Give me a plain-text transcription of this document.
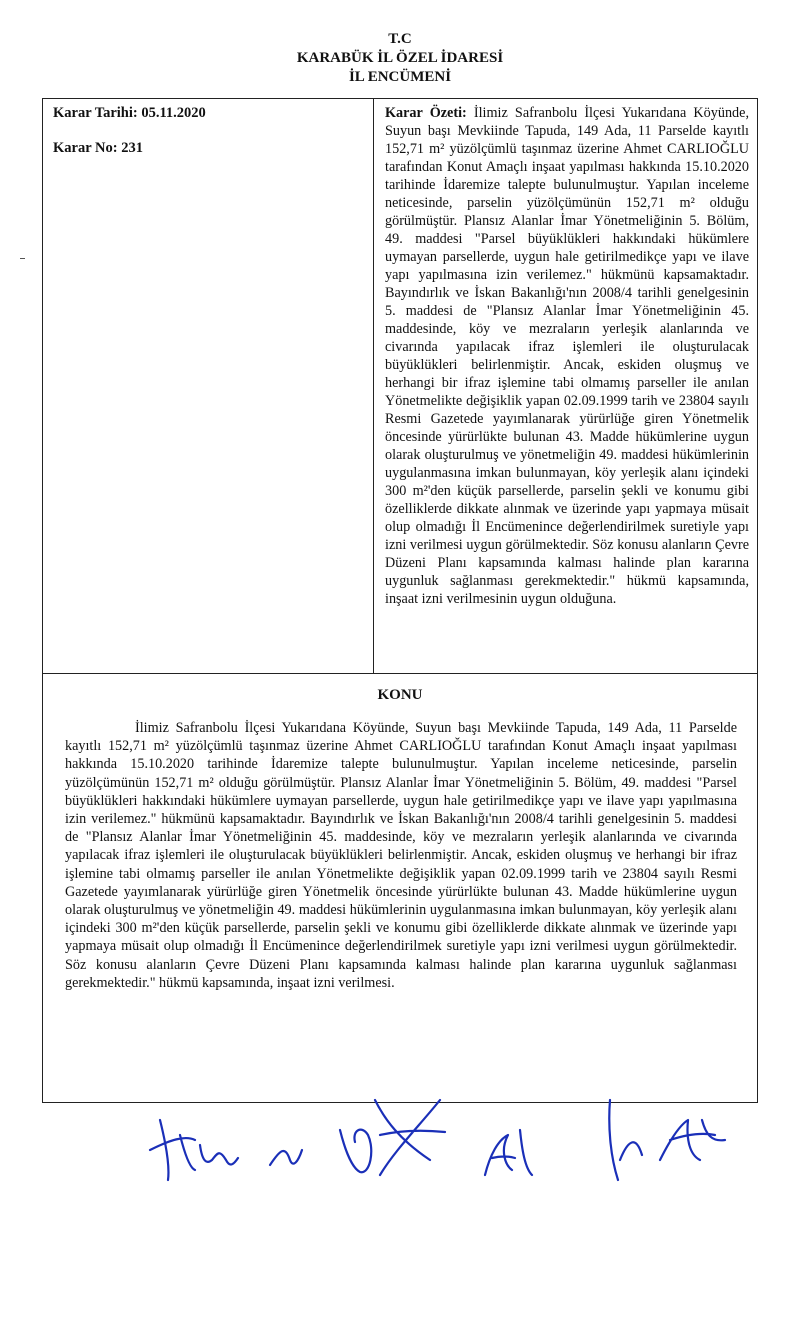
T.C
KARABÜK İL ÖZEL İDARESİ
İL ENCÜMENİ
Karar Tarihi: 05.11.2020
Karar No: 231
Karar Özeti: İlimiz Safranbolu İlçesi Yukarıdana Köyünde, Suyun başı Mevkiinde Tapuda, 149 Ada, 11 Parselde kayıtlı 152,71 m² yüzölçümlü taşınmaz üzerine Ahmet CARLIOĞLU tarafından Konut Amaçlı inşaat yapılması hakkında 15.10.2020 tarihinde İdaremize talepte bulunulmuştur. Yapılan inceleme neticesinde, parselin yüzölçümünün 152,71 m² olduğu görülmüştür. Plansız Alanlar İmar Yönetmeliğinin 5. Bölüm, 49. maddesi "Parsel büyüklükleri hakkındaki hükümlere uymayan parsellerde, uygun hale getirilmedikçe yapı ve ilave yapı yapılmasına izin verilemez." hükmünü kapsamaktadır. Bayındırlık ve İskan Bakanlığı'nın 2008/4 tarihli genelgesinin 5. maddesi de "Plansız Alanlar İmar Yönetmeliğinin 45. maddesinde, köy ve mezraların yerleşik alanlarında ve civarında yapılacak ifraz işlemleri ile oluşturulacak büyüklükleri belirlenmiştir. Ancak, eskiden oluşmuş ve herhangi bir ifraz işlemine tabi olmamış parseller ile anılan Yönetmelikte değişiklik yapan 02.09.1999 tarih ve 23804 sayılı Resmi Gazetede yayımlanarak yürürlüğe giren Yönetmelik öncesinde yürürlükte bulunan 43. Madde hükümlerine uygun olarak oluşturulmuş ve yönetmeliğin 49. maddesi hükümlerinin uygulanmasına imkan bulunmayan, köy yerleşik alanı içindeki 300 m²'den küçük parsellerde, parselin şekli ve konumu gibi özelliklerde dikkate alınmak ve üzerinde yapı yapmaya müsait olup olmadığı İl Encümenince değerlendirilmek suretiyle yapı izni verilmesi uygun görülmektedir. Söz konusu alanların Çevre Düzeni Planı kapsamında kalması halinde plan kararına uygunluk sağlanması gerekmektedir." hükmü kapsamında, inşaat izni verilmesinin uygun olduğuna.
KONU
İlimiz Safranbolu İlçesi Yukarıdana Köyünde, Suyun başı Mevkiinde Tapuda, 149 Ada, 11 Parselde kayıtlı 152,71 m² yüzölçümlü taşınmaz üzerine Ahmet CARLIOĞLU tarafından Konut Amaçlı inşaat yapılması hakkında 15.10.2020 tarihinde İdaremize talepte bulunulmuştur. Yapılan inceleme neticesinde, parselin yüzölçümünün 152,71 m² olduğu görülmüştür. Plansız Alanlar İmar Yönetmeliğinin 5. Bölüm, 49. maddesi "Parsel büyüklükleri hakkındaki hükümlere uymayan parsellerde, uygun hale getirilmedikçe yapı ve ilave yapı yapılmasına izin verilemez." hükmünü kapsamaktadır. Bayındırlık ve İskan Bakanlığı'nın 2008/4 tarihli genelgesinin 5. maddesi de "Plansız Alanlar İmar Yönetmeliğinin 45. maddesinde, köy ve mezraların yerleşik alanlarında ve civarında yapılacak ifraz işlemleri ile oluşturulacak büyüklükleri belirlenmiştir. Ancak, eskiden oluşmuş ve herhangi bir ifraz işlemine tabi olmamış parseller ile anılan Yönetmelikte değişiklik yapan 02.09.1999 tarih ve 23804 sayılı Resmi Gazetede yayımlanarak yürürlüğe giren Yönetmelik öncesinde yürürlükte bulunan 43. Madde hükümlerine uygun olarak oluşturulmuş ve yönetmeliğin 49. maddesi hükümlerinin uygulanmasına imkan bulunmayan, köy yerleşik alanı içindeki 300 m²'den küçük parsellerde, parselin şekli ve konumu gibi özelliklerde dikkate alınmak ve üzerinde yapı yapmaya müsait olup olmadığı İl Encümenince değerlendirilmek suretiyle yapı izni verilmesi uygun görülmektedir. Söz konusu alanların Çevre Düzeni Planı kapsamında kalması halinde plan kararına uygunluk sağlanması gerekmektedir." hükmü kapsamında, inşaat izni verilmesi.
